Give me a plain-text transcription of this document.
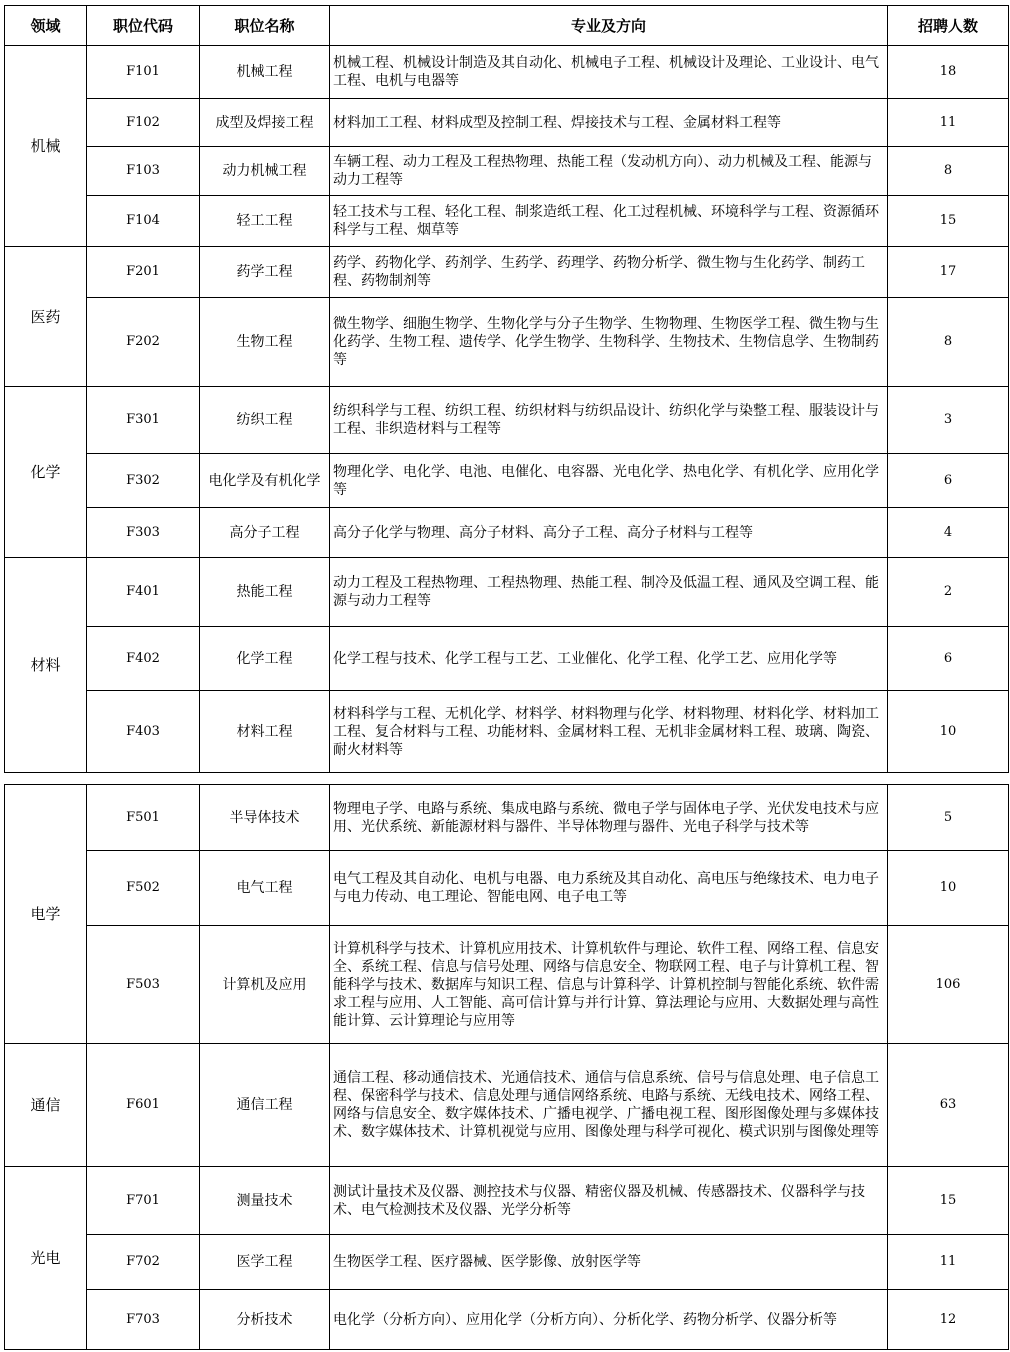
领域	职位代码	职位名称	专业及方向	招聘人数
机械	F101	机械工程	机械工程、机械设计制造及其自动化、机械电子工程、机械设计及理论、工业设计、电气工程、电机与电器等	18
	F102	成型及焊接工程	材料加工工程、材料成型及控制工程、焊接技术与工程、金属材料工程等	11
	F103	动力机械工程	车辆工程、动力工程及工程热物理、热能工程（发动机方向）、动力机械及工程、能源与动力工程等	8
	F104	轻工工程	轻工技术与工程、轻化工程、制浆造纸工程、化工过程机械、环境科学与工程、资源循环科学与工程、烟草等	15
医药	F201	药学工程	药学、药物化学、药剂学、生药学、药理学、药物分析学、微生物与生化药学、制药工程、药物制剂等	17
	F202	生物工程	微生物学、细胞生物学、生物化学与分子生物学、生物物理、生物医学工程、微生物与生化药学、生物工程、遗传学、化学生物学、生物科学、生物技术、生物信息学、生物制药等	8
化学	F301	纺织工程	纺织科学与工程、纺织工程、纺织材料与纺织品设计、纺织化学与染整工程、服装设计与工程、非织造材料与工程等	3
	F302	电化学及有机化学	物理化学、电化学、电池、电催化、电容器、光电化学、热电化学、有机化学、应用化学等	6
	F303	高分子工程	高分子化学与物理、高分子材料、高分子工程、高分子材料与工程等	4
材料	F401	热能工程	动力工程及工程热物理、工程热物理、热能工程、制冷及低温工程、通风及空调工程、能源与动力工程等	2
	F402	化学工程	化学工程与技术、化学工程与工艺、工业催化、化学工程、化学工艺、应用化学等	6
	F403	材料工程	材料科学与工程、无机化学、材料学、材料物理与化学、材料物理、材料化学、材料加工工程、复合材料与工程、功能材料、金属材料工程、无机非金属材料工程、玻璃、陶瓷、耐火材料等	10
电学	F501	半导体技术	物理电子学、电路与系统、集成电路与系统、微电子学与固体电子学、光伏发电技术与应用、光伏系统、新能源材料与器件、半导体物理与器件、光电子科学与技术等	5
	F502	电气工程	电气工程及其自动化、电机与电器、电力系统及其自动化、高电压与绝缘技术、电力电子与电力传动、电工理论、智能电网、电子电工等	10
	F503	计算机及应用	计算机科学与技术、计算机应用技术、计算机软件与理论、软件工程、网络工程、信息安全、系统工程、信息与信号处理、网络与信息安全、物联网工程、电子与计算机工程、智能科学与技术、数据库与知识工程、信息与计算科学、计算机控制与智能化系统、软件需求工程与应用、人工智能、高可信计算与并行计算、算法理论与应用、大数据处理与高性能计算、云计算理论与应用等	106
通信	F601	通信工程	通信工程、移动通信技术、光通信技术、通信与信息系统、信号与信息处理、电子信息工程、保密科学与技术、信息处理与通信网络系统、电路与系统、无线电技术、网络工程、网络与信息安全、数字媒体技术、广播电视学、广播电视工程、图形图像处理与多媒体技术、数字媒体技术、计算机视觉与应用、图像处理与科学可视化、模式识别与图像处理等	63
光电	F701	测量技术	测试计量技术及仪器、测控技术与仪器、精密仪器及机械、传感器技术、仪器科学与技术、电气检测技术及仪器、光学分析等	15
	F702	医学工程	生物医学工程、医疗器械、医学影像、放射医学等	11
	F703	分析技术	电化学（分析方向）、应用化学（分析方向）、分析化学、药物分析学、仪器分析等	12
